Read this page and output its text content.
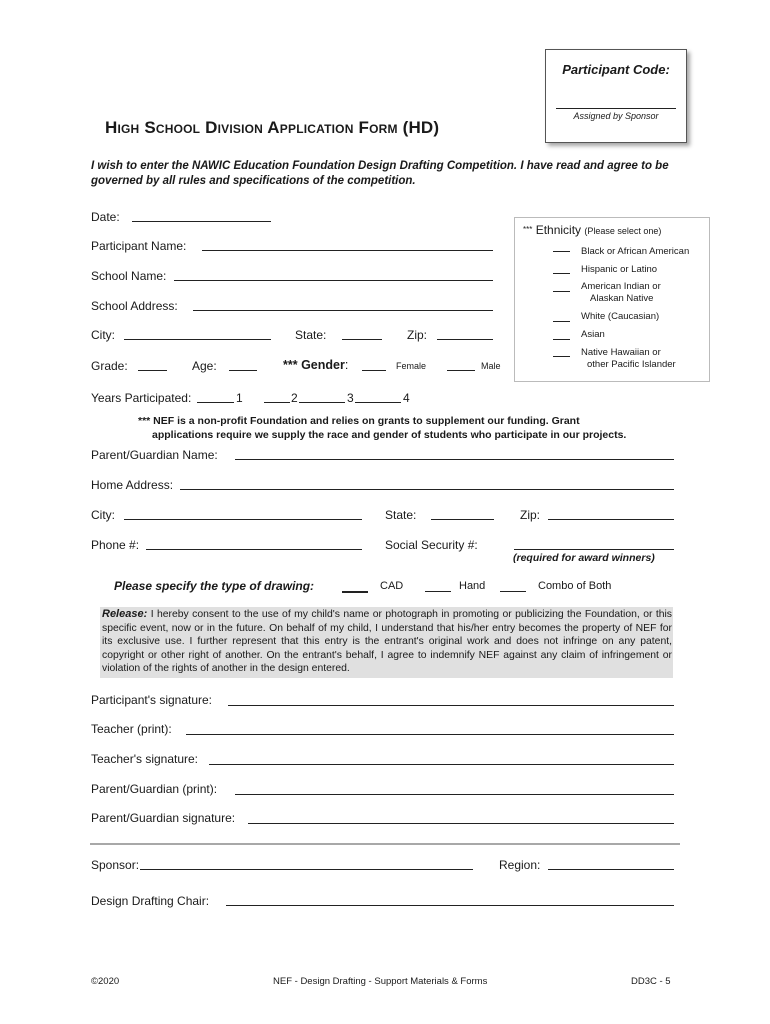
Participant Code:
Assigned by Sponsor
High School Division Application Form (HD)
I wish to enter the NAWIC Education Foundation Design Drafting Competition. I have read and agree to be governed by all rules and specifications of the competition.
Date:
Participant Name:
School Name:
School Address:
City:	State:	Zip:
Grade:	Age:	*** Gender:	Female	Male
*** Ethnicity (Please select one)
Black or African American
Hispanic or Latino
American Indian or
Alaskan Native
White (Caucasian)
Asian
Native Hawaiian or
other Pacific Islander
Years Participated:	1	2	3	4
*** NEF is a non-profit Foundation and relies on grants to supplement our funding. Grant
applications require we supply the race and gender of students who participate in our projects.
Parent/Guardian Name:
Home Address:
City:	State:	Zip:
Phone #:	Social Security #:
(required for award winners)
Please specify the type of drawing:	CAD	Hand	Combo of Both
Release: I hereby consent to the use of my child's name or photograph in promoting or publicizing the Foundation, or this specific event, now or in the future. On behalf of my child, I understand that his/her entry becomes the property of NEF for its exclusive use. I further represent that this entry is the entrant's original work and does not infringe on any patent, copyright or other right of another. On the entrant's behalf, I agree to indemnify NEF against any claim of infringement or violation of the rights of another in the design entered.
Participant's signature:
Teacher (print):
Teacher's signature:
Parent/Guardian (print):
Parent/Guardian signature:
Sponsor:	Region:
Design Drafting Chair:
©2020	NEF - Design Drafting - Support Materials & Forms	DD3C - 5
